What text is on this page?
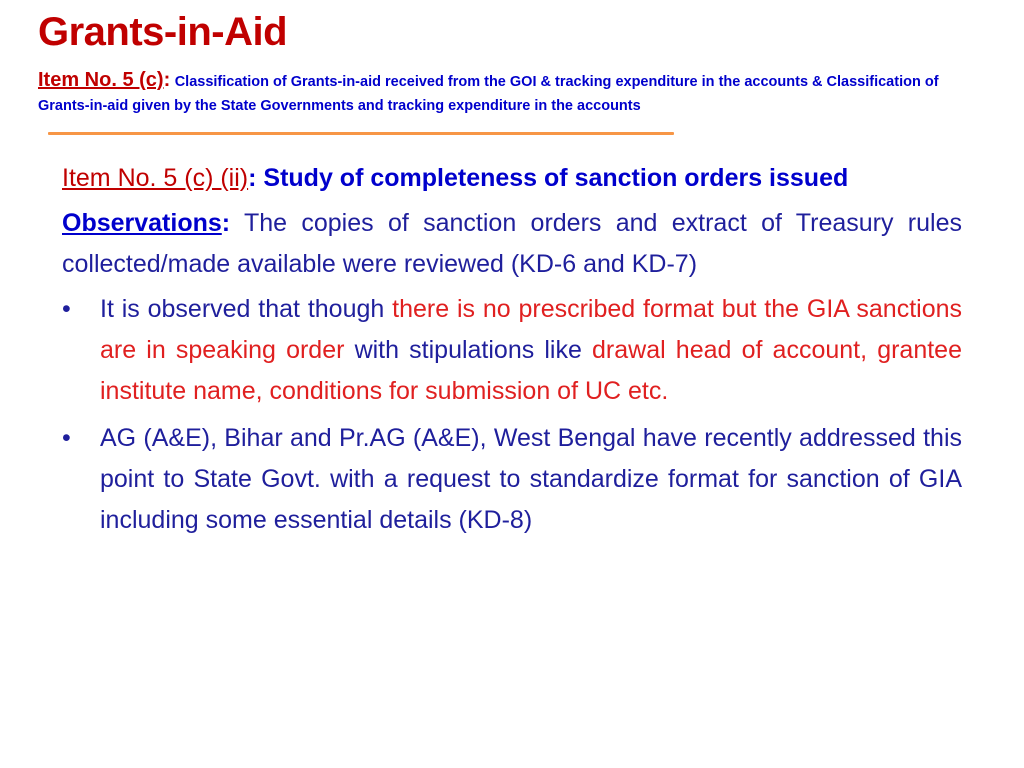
Grants-in-Aid
Item No. 5 (c): Classification of Grants-in-aid received from the GOI & tracking expenditure in the accounts & Classification of Grants-in-aid given by the State Governments and tracking expenditure in the accounts

Item No. 5 (c) (ii): Study of completeness of sanction orders issued

Observations: The copies of sanction orders and extract of Treasury rules collected/made available were reviewed (KD-6 and KD-7)

• It is observed that though there is no prescribed format but the GIA sanctions are in speaking order with stipulations like drawal head of account, grantee institute name, conditions for submission of UC etc.
• AG (A&E), Bihar and Pr.AG (A&E), West Bengal have recently addressed this point to State Govt. with a request to standardize format for sanction of GIA including some essential details (KD-8)
